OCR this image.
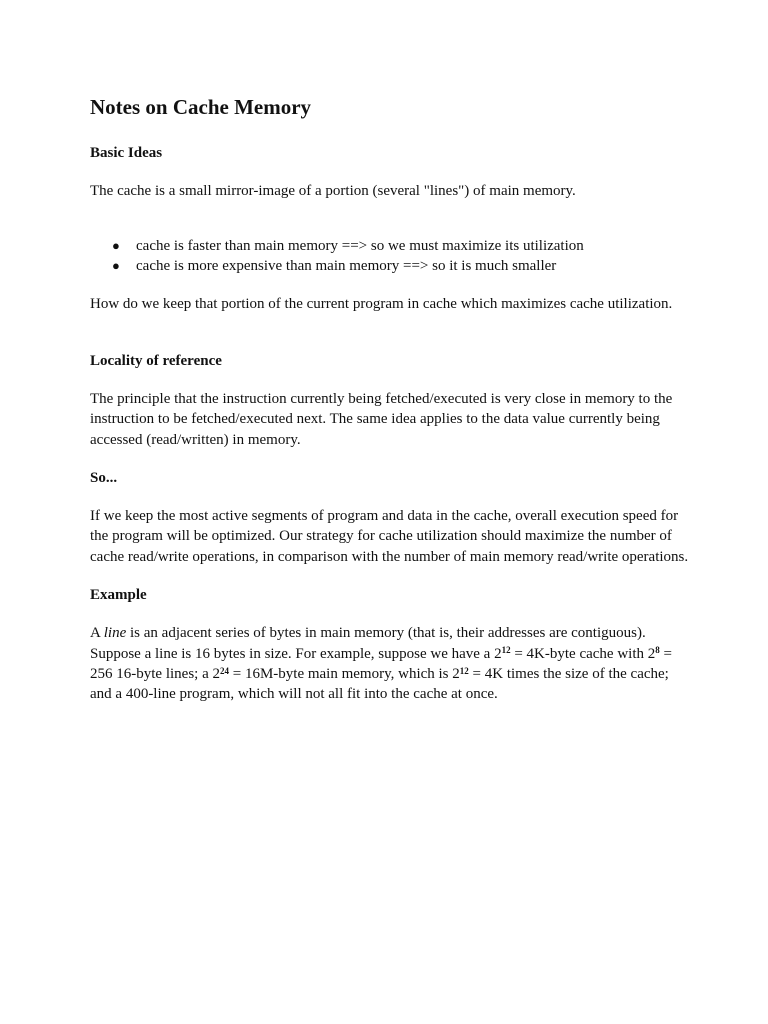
Notes on Cache Memory
Basic Ideas

The cache is a small mirror-image of a portion (several "lines") of main memory.

● cache is faster than main memory ==> so we must maximize its utilization
● cache is more expensive than main memory ==> so it is much smaller

How do we keep that portion of the current program in cache which maximizes cache utilization.

Locality of reference

The principle that the instruction currently being fetched/executed is very close in memory to the instruction to be fetched/executed next. The same idea applies to the data value currently being accessed (read/written) in memory.

So...

If we keep the most active segments of program and data in the cache, overall execution speed for the program will be optimized. Our strategy for cache utilization should maximize the number of cache read/write operations, in comparison with the number of main memory read/write operations.

Example

A line is an adjacent series of bytes in main memory (that is, their addresses are contiguous). Suppose a line is 16 bytes in size. For example, suppose we have a $2^{12}$ = 4K-byte cache with $2^8 = 256$ 16-byte lines; a $2^{24}$ = 16M-byte main memory, which is $2^{12} = 4K$ times the size of the cache; and a 400-line program, which will not all fit into the cache at once.
